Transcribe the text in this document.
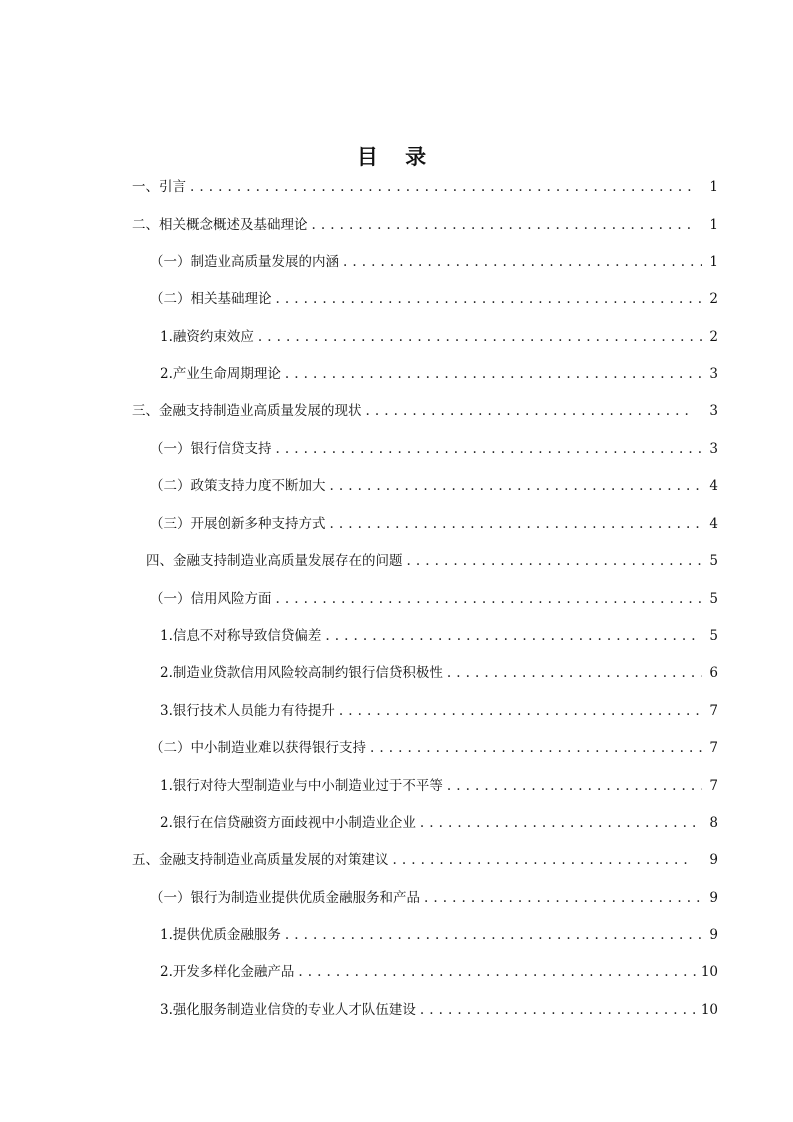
目 录
一、引言 . . .	1
二、相关概念概述及基础理论 . . .	1
（一）制造业高质量发展的内涵 . . .	1
（二）相关基础理论 . . .	2
1.融资约束效应 . . .	2
2.产业生命周期理论 . . .	3
三、金融支持制造业高质量发展的现状 . . .	3
（一）银行信贷支持 . . .	3
（二）政策支持力度不断加大 . . .	4
（三）开展创新多种支持方式 . . .	4
四、金融支持制造业高质量发展存在的问题 . . .	5
（一）信用风险方面 . . .	5
1.信息不对称导致信贷偏差 . . .	5
2.制造业贷款信用风险较高制约银行信贷积极性 . . .	6
3.银行技术人员能力有待提升 . . .	7
（二）中小制造业难以获得银行支持 . . .	7
1.银行对待大型制造业与中小制造业过于不平等 . . .	7
2.银行在信贷融资方面歧视中小制造业企业 . . .	8
五、金融支持制造业高质量发展的对策建议 . . .	9
（一）银行为制造业提供优质金融服务和产品 . . .	9
1.提供优质金融服务 . . .	9
2.开发多样化金融产品 . . .	10
3.强化服务制造业信贷的专业人才队伍建设 . . .	10
